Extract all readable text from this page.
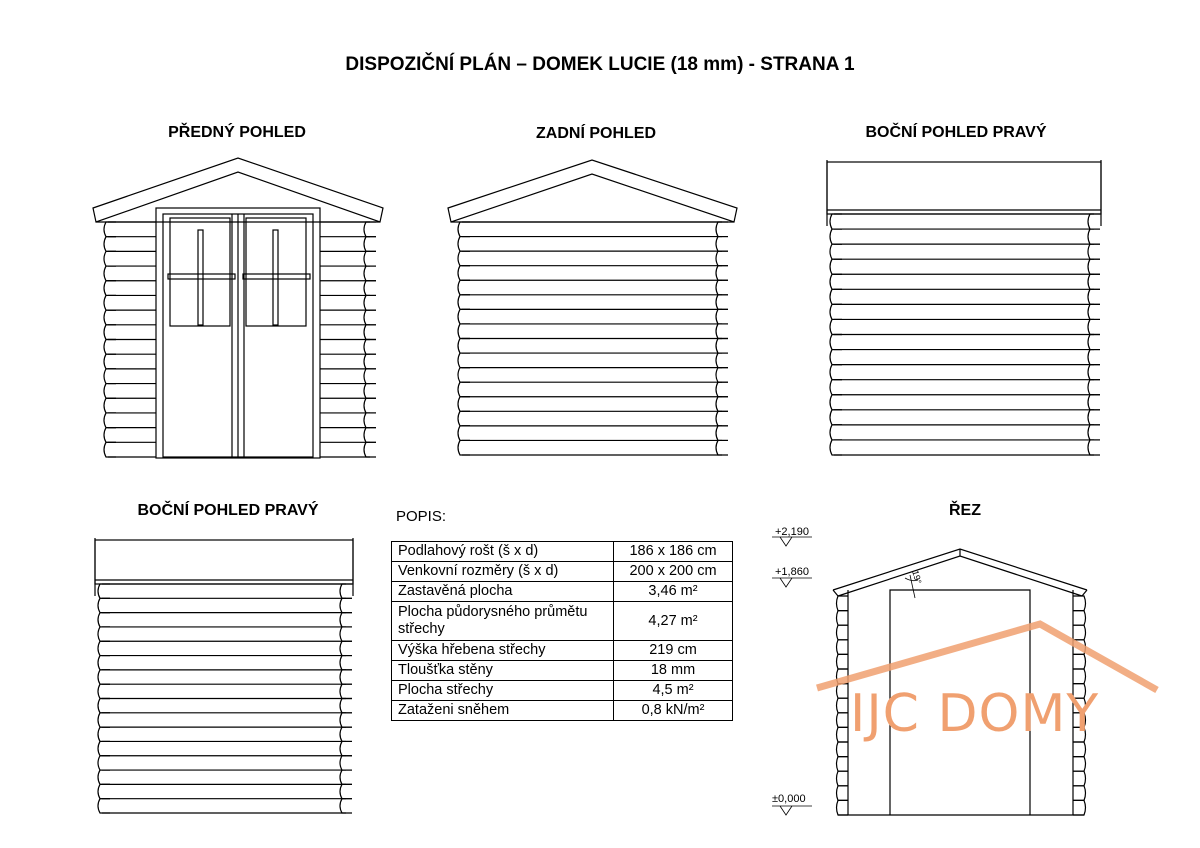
DISPOZIČNÍ PLÁN – DOMEK LUCIE (18 mm) - STRANA 1
PŘEDNÝ POHLED	ZADNÍ POHLED	BOČNÍ POHLED PRAVÝ
BOČNÍ POHLED PRAVÝ	ŘEZ
+2,190
+1,860
±0,000
19°
IJC DOMY
POPIS:
Podlahový rošt (š x d)	186 x 186 cm
Venkovní rozměry (š x d)	200 x 200 cm
Zastavěná plocha	3,46 m²
Plocha půdorysného průmětu střechy	4,27 m²
Výška hřebena střechy	219 cm
Tloušťka stěny	18 mm
Plocha střechy	4,5 m²
Zataženi sněhem	0,8 kN/m²
